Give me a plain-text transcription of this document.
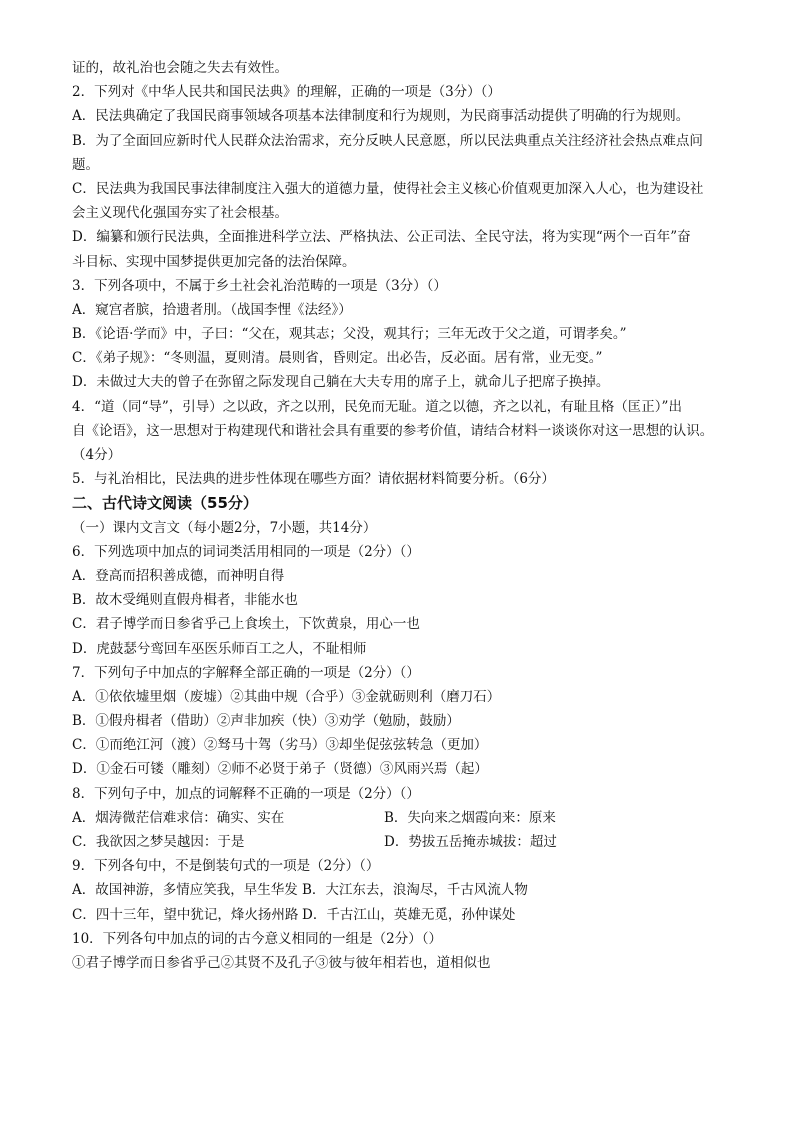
证的，故礼治也会随之失去有效性。
2．下列对《中华人民共和国民法典》的理解，正确的一项是（3分）（）
A．民法典确定了我国民商事领域各项基本法律制度和行为规则，为民商事活动提供了明确的行为规则。
B．为了全面回应新时代人民群众法治需求，充分反映人民意愿，所以民法典重点关注经济社会热点难点问
题。
C．民法典为我国民事法律制度注入强大的道德力量，使得社会主义核心价值观更加深入人心，也为建设社
会主义现代化强国夯实了社会根基。
D．编纂和颁行民法典，全面推进科学立法、严格执法、公正司法、全民守法，将为实现“两个一百年”奋
斗目标、实现中国梦提供更加完备的法治保障。
3．下列各项中，不属于乡土社会礼治范畴的一项是（3分）（）
A．窥宫者膑，拾遗者刖。（战国李悝《法经》）
B．《论语·学而》中，子曰：“父在，观其志；父没，观其行；三年无改于父之道，可谓孝矣。”
C．《弟子规》：“冬则温，夏则清。晨则省，昏则定。出必告，反必面。居有常，业无变。”
D．未做过大夫的曾子在弥留之际发现自己躺在大夫专用的席子上，就命儿子把席子换掉。
4．“道（同“导”，引导）之以政，齐之以刑，民免而无耻。道之以德，齐之以礼，有耻且格（匡正）”出
自《论语》，这一思想对于构建现代和谐社会具有重要的参考价值，请结合材料一谈谈你对这一思想的认识。
（4分）
5．与礼治相比，民法典的进步性体现在哪些方面？请依据材料简要分析。（6分）
二、古代诗文阅读（55分）
（一）课内文言文（每小题2分，7小题，共14分）
6．下列选项中加点的词词类活用相同的一项是（2分）（）
A．登高而招积善成德，而神明自得
B．故木受绳则直假舟楫者，非能水也
C．君子博学而日参省乎己上食埃土，下饮黄泉，用心一也
D．虎鼓瑟兮鸾回车巫医乐师百工之人，不耻相师
7．下列句子中加点的字解释全部正确的一项是（2分）（）
A．①依依墟里烟（废墟）②其曲中规（合乎）③金就砺则利（磨刀石）
B．①假舟楫者（借助）②声非加疾（快）③劝学（勉励，鼓励）
C．①而绝江河（渡）②驽马十驾（劣马）③却坐促弦弦转急（更加）
D．①金石可镂（雕刻）②师不必贤于弟子（贤德）③风雨兴焉（起）
8．下列句子中，加点的词解释不正确的一项是（2分）（）
A．烟涛微茫信难求信：确实、实在	B．失向来之烟霞向来：原来
C．我欲因之梦吴越因：于是	D．势拔五岳掩赤城拔：超过
9．下列各句中，不是倒装句式的一项是（2分）（）
A．故国神游，多情应笑我，早生华发 B．大江东去，浪淘尽，千古风流人物
C．四十三年，望中犹记，烽火扬州路 D．千古江山，英雄无觅，孙仲谋处
10．下列各句中加点的词的古今意义相同的一组是（2分）（）
①君子博学而日参省乎己②其贤不及孔子③彼与彼年相若也，道相似也
